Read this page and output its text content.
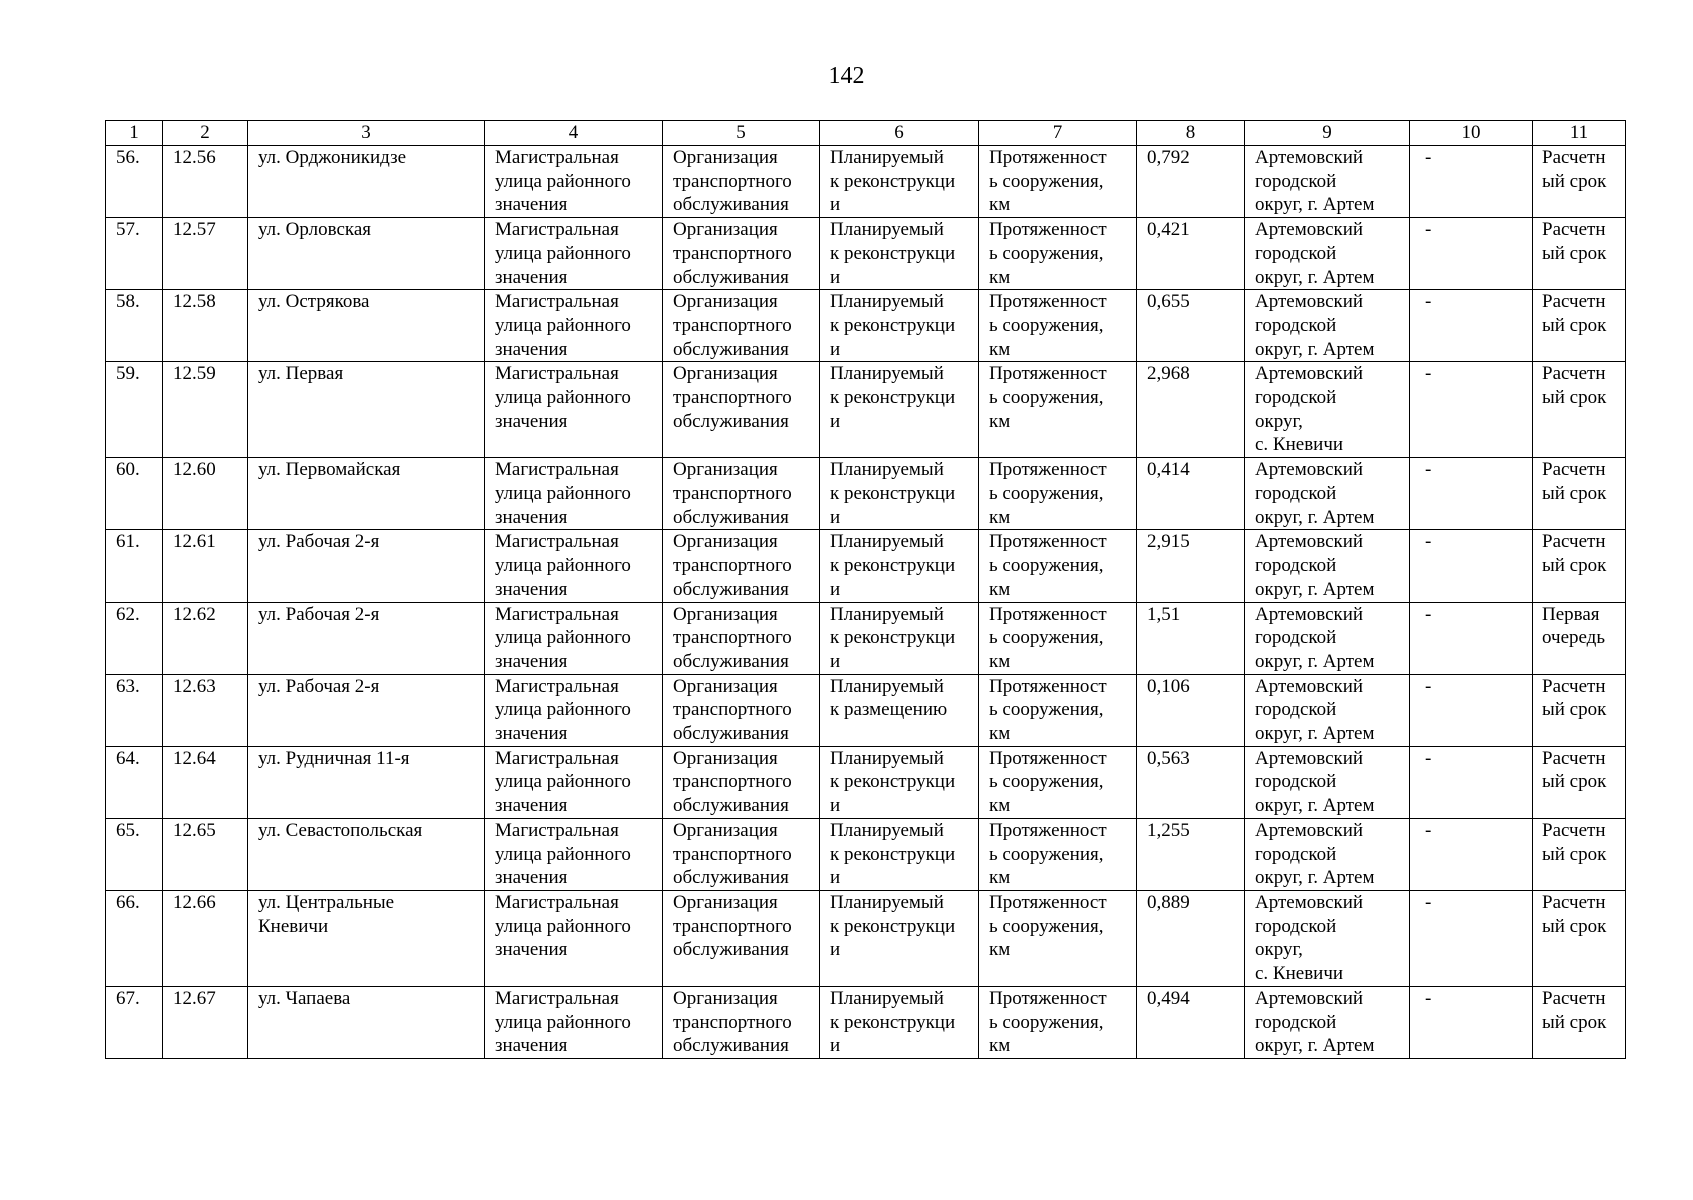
142
1	2	3	4	5	6	7	8	9	10	11
56.	12.56	ул. Орджоникидзе	Магистральная
улица районного
значения	Организация
транспортного
обслуживания	Планируемый
к реконструкци
и	Протяженност
ь сооружения,
км	0,792	Артемовский
городской
округ, г. Артем	-	Расчетн
ый срок
57.	12.57	ул. Орловская	Магистральная
улица районного
значения	Организация
транспортного
обслуживания	Планируемый
к реконструкци
и	Протяженност
ь сооружения,
км	0,421	Артемовский
городской
округ, г. Артем	-	Расчетн
ый срок
58.	12.58	ул. Острякова	Магистральная
улица районного
значения	Организация
транспортного
обслуживания	Планируемый
к реконструкци
и	Протяженност
ь сооружения,
км	0,655	Артемовский
городской
округ, г. Артем	-	Расчетн
ый срок
59.	12.59	ул. Первая	Магистральная
улица районного
значения	Организация
транспортного
обслуживания	Планируемый
к реконструкци
и	Протяженност
ь сооружения,
км	2,968	Артемовский
городской
округ,
с. Кневичи	-	Расчетн
ый срок
60.	12.60	ул. Первомайская	Магистральная
улица районного
значения	Организация
транспортного
обслуживания	Планируемый
к реконструкци
и	Протяженност
ь сооружения,
км	0,414	Артемовский
городской
округ, г. Артем	-	Расчетн
ый срок
61.	12.61	ул. Рабочая 2-я	Магистральная
улица районного
значения	Организация
транспортного
обслуживания	Планируемый
к реконструкци
и	Протяженност
ь сооружения,
км	2,915	Артемовский
городской
округ, г. Артем	-	Расчетн
ый срок
62.	12.62	ул. Рабочая 2-я	Магистральная
улица районного
значения	Организация
транспортного
обслуживания	Планируемый
к реконструкци
и	Протяженност
ь сооружения,
км	1,51	Артемовский
городской
округ, г. Артем	-	Первая
очередь
63.	12.63	ул. Рабочая 2-я	Магистральная
улица районного
значения	Организация
транспортного
обслуживания	Планируемый
к размещению	Протяженност
ь сооружения,
км	0,106	Артемовский
городской
округ, г. Артем	-	Расчетн
ый срок
64.	12.64	ул. Рудничная 11-я	Магистральная
улица районного
значения	Организация
транспортного
обслуживания	Планируемый
к реконструкци
и	Протяженност
ь сооружения,
км	0,563	Артемовский
городской
округ, г. Артем	-	Расчетн
ый срок
65.	12.65	ул. Севастопольская	Магистральная
улица районного
значения	Организация
транспортного
обслуживания	Планируемый
к реконструкци
и	Протяженност
ь сооружения,
км	1,255	Артемовский
городской
округ, г. Артем	-	Расчетн
ый срок
66.	12.66	ул. Центральные
Кневичи	Магистральная
улица районного
значения	Организация
транспортного
обслуживания	Планируемый
к реконструкци
и	Протяженност
ь сооружения,
км	0,889	Артемовский
городской
округ,
с. Кневичи	-	Расчетн
ый срок
67.	12.67	ул. Чапаева	Магистральная
улица районного
значения	Организация
транспортного
обслуживания	Планируемый
к реконструкци
и	Протяженност
ь сооружения,
км	0,494	Артемовский
городской
округ, г. Артем	-	Расчетн
ый срок
